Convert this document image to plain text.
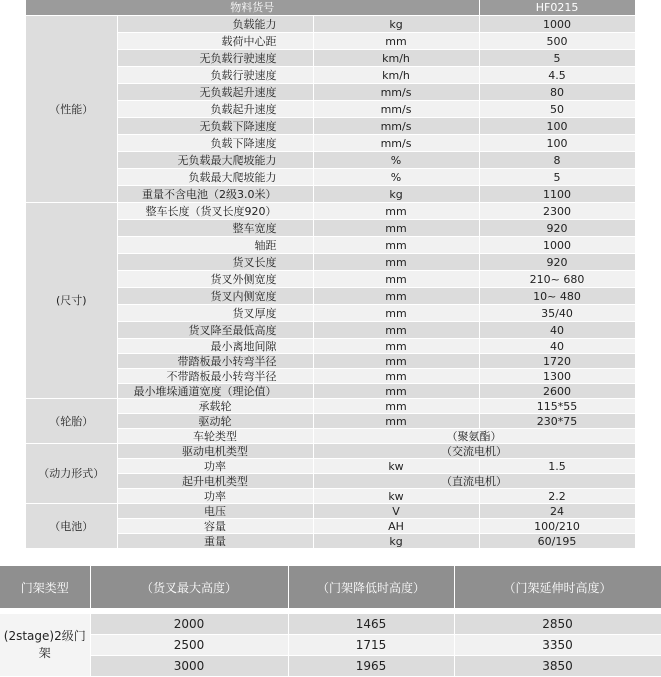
物料货号			HF0215
（性能）	负载能力	kg	1000
	载荷中心距	mm	500
	无负载行驶速度	km/h	5
	负载行驶速度	km/h	4.5
	无负载起升速度	mm/s	80
	负载起升速度	mm/s	50
	无负载下降速度	mm/s	100
	负载下降速度	mm/s	100
	无负载最大爬坡能力	%	8
	负载最大爬坡能力	%	5
	重量不含电池（2级3.0米）	kg	1100
(尺寸)	整车长度（货叉长度920）	mm	2300
	整车宽度	mm	920
	轴距	mm	1000
	货叉长度	mm	920
	货叉外侧宽度	mm	210~ 680
	货叉内侧宽度	mm	10~ 480
	货叉厚度	mm	35/40
	货叉降至最低高度	mm	40
	最小离地间隙	mm	40
	带踏板最小转弯半径	mm	1720
	不带踏板最小转弯半径	mm	1300
	最小堆垛通道宽度（理论值）	mm	2600
（轮胎）	承载轮	mm	115*55
	驱动轮	mm	230*75
	车轮类型	（聚氨酯）	
（动力形式）	驱动电机类型	（交流电机）	
	功率	kw	1.5
	起升电机类型	（直流电机）	
	功率	kw	2.2
（电池）	电压	V	24
	容量	AH	100/210
	重量	kg	60/195
门架类型	（货叉最大高度）	（门架降低时高度）	（门架延伸时高度）

(2stage)2级门架	2000	1465	2850
	2500	1715	3350
	3000	1965	3850
